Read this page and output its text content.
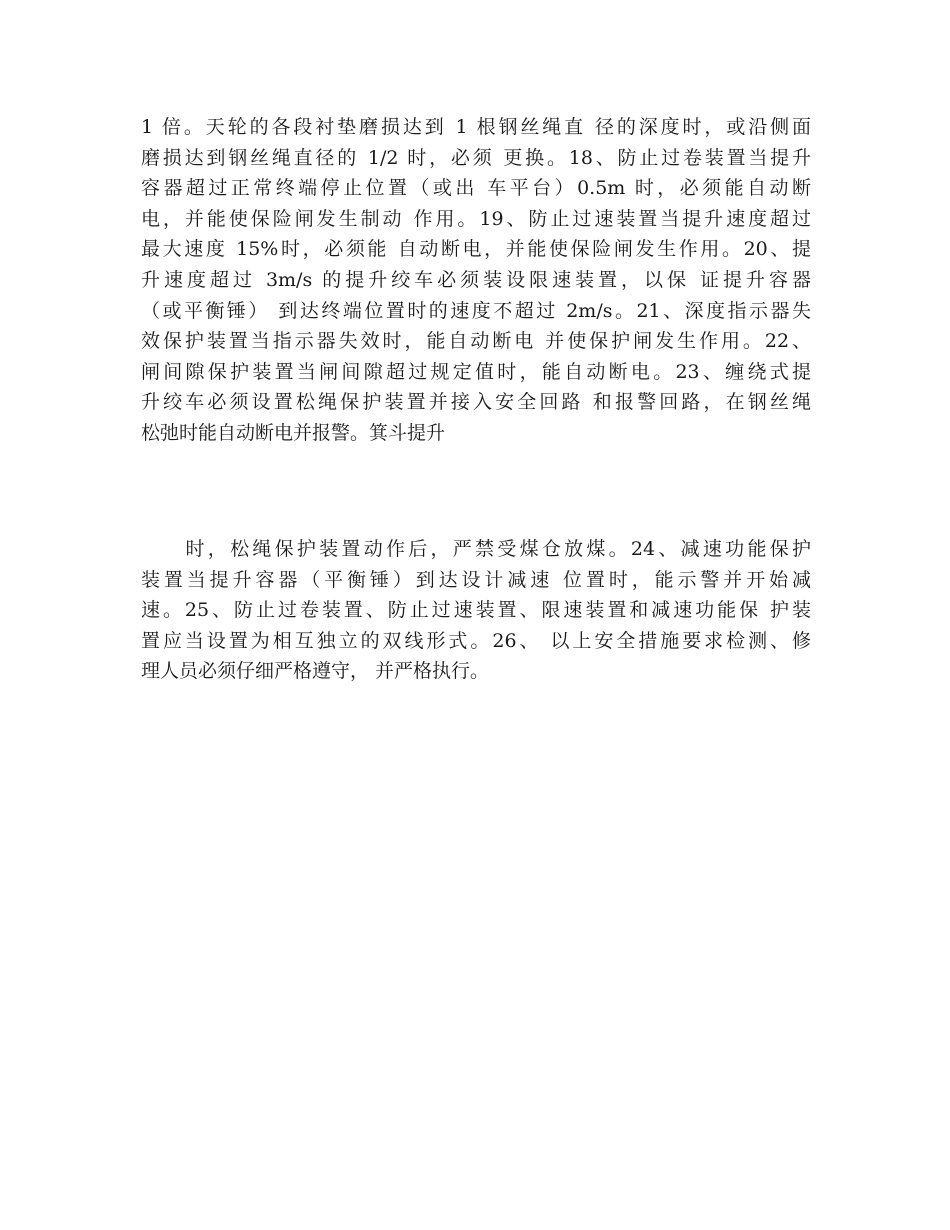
1 倍。天轮的各段衬垫磨损达到 1 根钢丝绳直 径的深度时，或沿侧面
磨损达到钢丝绳直径的 1/2 时，必须 更换。18、防止过卷装置当提升
容器超过正常终端停止位置（或出 车平台）0.5m 时，必须能自动断
电，并能使保险闸发生制动 作用。19、防止过速装置当提升速度超过
最大速度 15%时，必须能 自动断电，并能使保险闸发生作用。20、提
升速度超过 3m/s 的提升绞车必须装设限速装置，以保 证提升容器
（或平衡锤） 到达终端位置时的速度不超过 2m/s。21、深度指示器失
效保护装置当指示器失效时，能自动断电 并使保护闸发生作用。22、
闸间隙保护装置当闸间隙超过规定值时，能自动断电。23、缠绕式提
升绞车必须设置松绳保护装置并接入安全回路 和报警回路，在钢丝绳
松弛时能自动断电并报警。箕斗提升
　　时，松绳保护装置动作后，严禁受煤仓放煤。24、减速功能保护
装置当提升容器（平衡锤）到达设计减速 位置时，能示警并开始减
速。25、防止过卷装置、防止过速装置、限速装置和减速功能保 护装
置应当设置为相互独立的双线形式。26、 以上安全措施要求检测、修
理人员必须仔细严格遵守， 并严格执行。
